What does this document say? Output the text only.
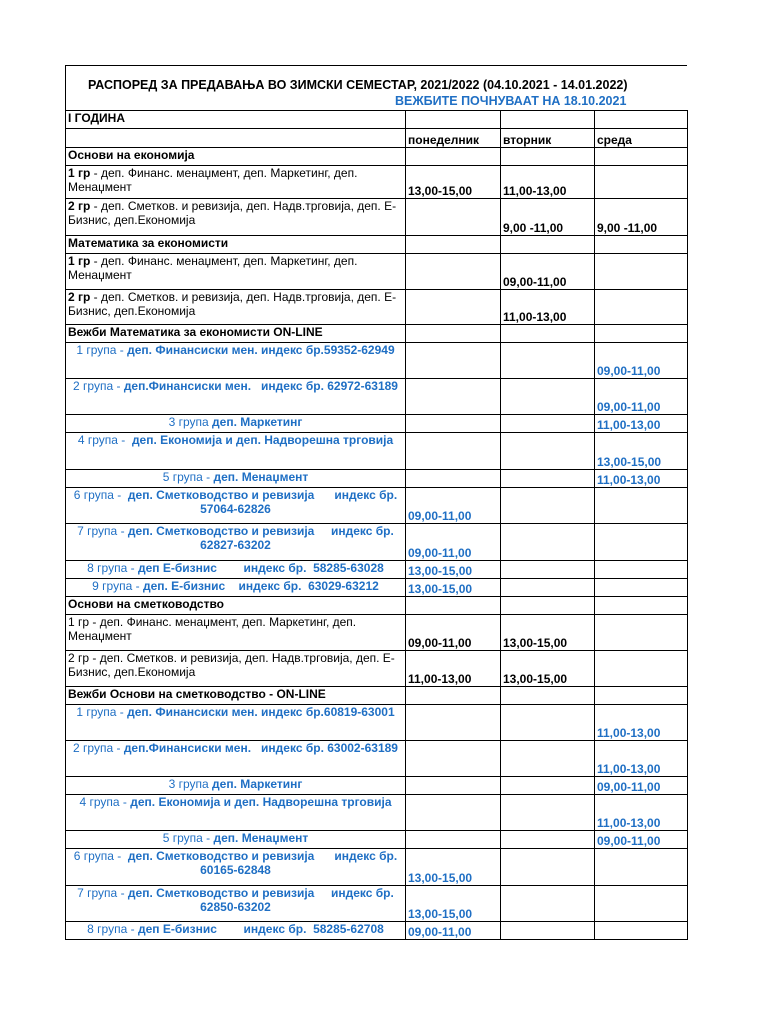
РАСПОРЕД ЗА ПРЕДАВАЊА ВО ЗИМСКИ СЕМЕСТАР, 2021/2022 (04.10.2021 - 14.01.2022)
ВЕЖБИТЕ ПОЧНУВААТ НА 18.10.2021
I ГОДИНА			
	понеделник	вторник	среда
Основи на економија			
1 гр - деп. Финанс. менаџмент, деп. Маркетинг, деп. Менаџмент	13,00-15,00	11,00-13,00	
2 гр - деп. Сметков. и ревизија, деп. Надв.трговија, деп. Е-Бизнис, деп.Економија		9,00 -11,00	9,00 -11,00
Математика за економисти			
1 гр - деп. Финанс. менаџмент, деп. Маркетинг, деп. Менаџмент		09,00-11,00	
2 гр - деп. Сметков. и ревизија, деп. Надв.трговија, деп. Е-Бизнис, деп.Економија		11,00-13,00	
Вежби Математика за економисти ON-LINE			
1 група - деп. Финансиски мен. индекс бр.59352-62949			09,00-11,00
2 група - деп.Финансиски мен.   индекс бр. 62972-63189			09,00-11,00
3 група деп. Маркетинг			11,00-13,00
4 група -  деп. Економија и деп. Надворешна трговија			13,00-15,00
5 група - деп. Менаџмент			11,00-13,00
6 група -  деп. Сметководство и ревизија      индекс бр. 57064-62826	09,00-11,00		
7 група - деп. Сметководство и ревизија     индекс бр. 62827-63202	09,00-11,00		
8 група - деп Е-бизнис        индекс бр.  58285-63028	13,00-15,00		
9 група - деп. Е-бизнис    индекс бр.  63029-63212	13,00-15,00		
Основи на сметководство			
1 гр - деп. Финанс. менаџмент, деп. Маркетинг, деп. Менаџмент	09,00-11,00	13,00-15,00	
2 гр - деп. Сметков. и ревизија, деп. Надв.трговија, деп. Е-Бизнис, деп.Економија	11,00-13,00	13,00-15,00	
Вежби Основи на сметководство - ON-LINE			
1 група - деп. Финансиски мен. индекс бр.60819-63001			11,00-13,00
2 група - деп.Финансиски мен.   индекс бр. 63002-63189			11,00-13,00
3 група деп. Маркетинг			09,00-11,00
4 група - деп. Економија и деп. Надворешна трговија			11,00-13,00
5 група - деп. Менаџмент			09,00-11,00
6 група -  деп. Сметководство и ревизија      индекс бр. 60165-62848	13,00-15,00		
7 група - деп. Сметководство и ревизија     индекс бр. 62850-63202	13,00-15,00		
8 група - деп Е-бизнис        индекс бр.  58285-62708	09,00-11,00		
